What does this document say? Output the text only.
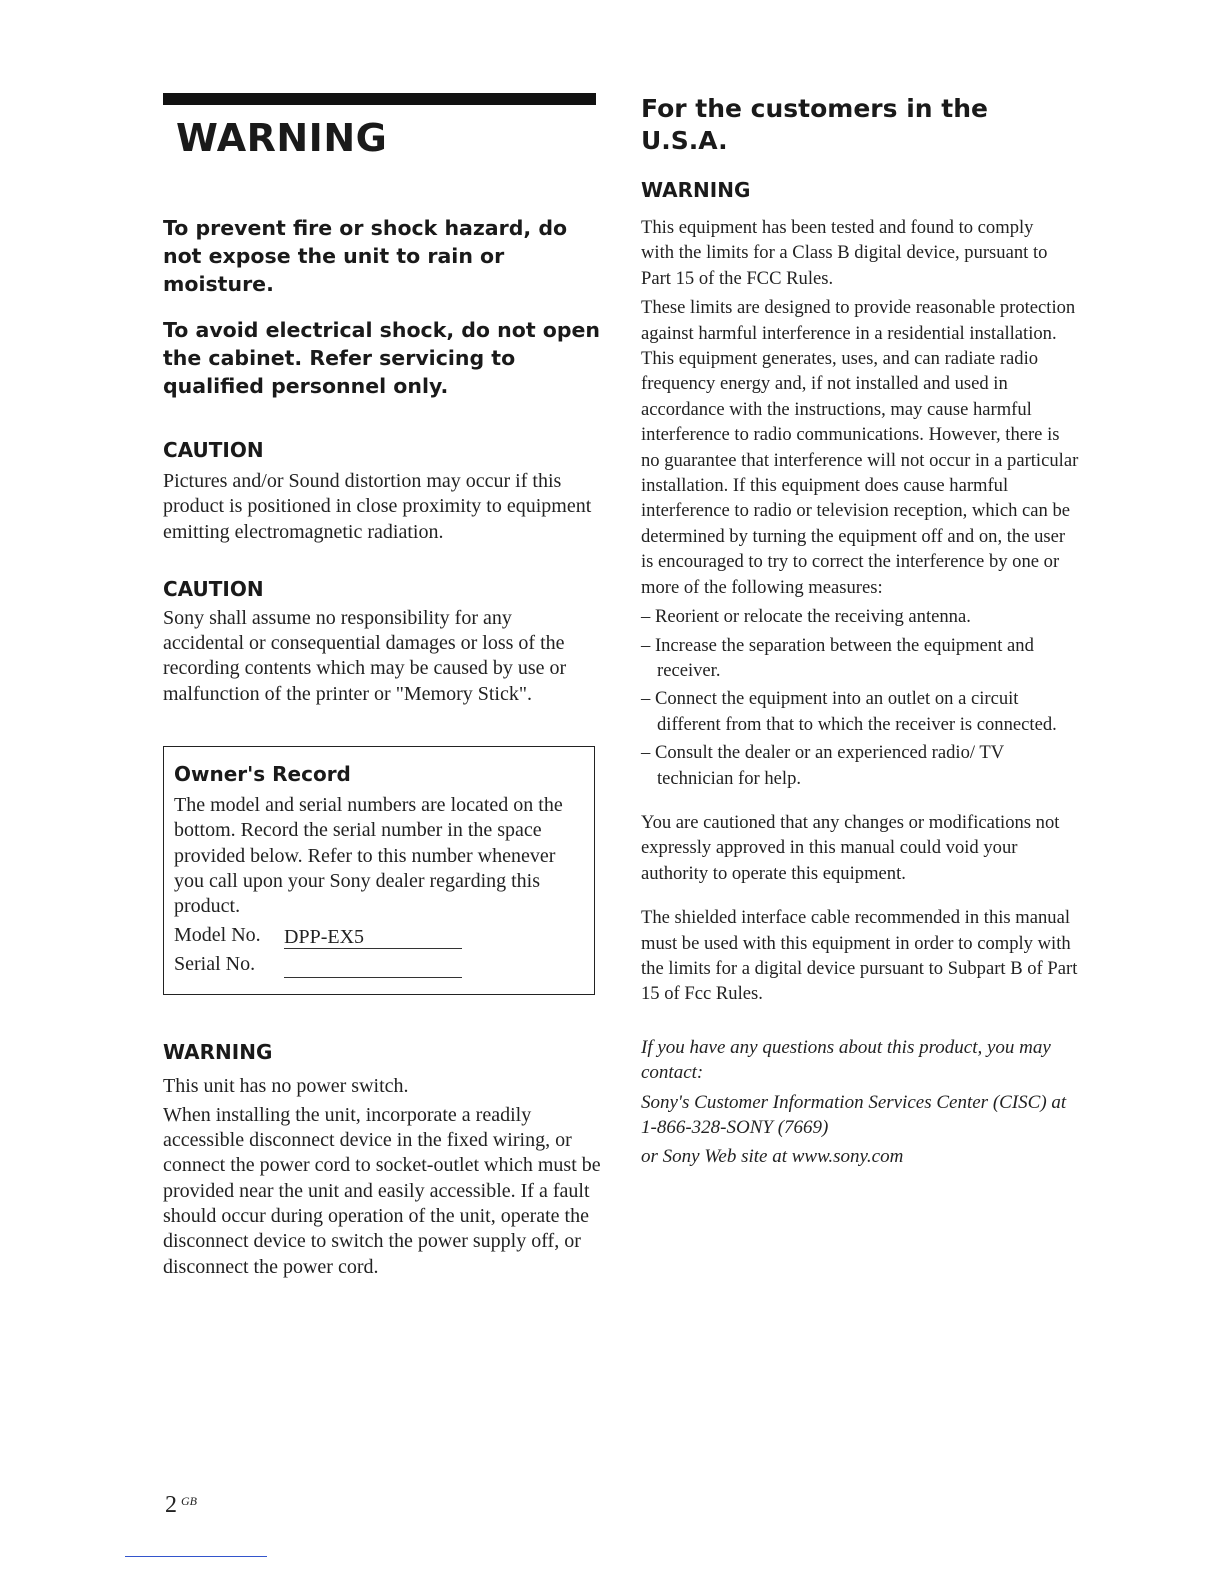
WARNING

To prevent fire or shock hazard, do not expose the unit to rain or moisture.

To avoid electrical shock, do not open the cabinet. Refer servicing to qualified personnel only.

CAUTION

Pictures and/or Sound distortion may occur if this product is positioned in close proximity to equipment emitting electromagnetic radiation.

CAUTION

Sony shall assume no responsibility for any accidental or consequential damages or loss of the recording contents which may be caused by use or malfunction of the printer or "Memory Stick".

Owner's Record

The model and serial numbers are located on the bottom. Record the serial number in the space provided below. Refer to this number whenever you call upon your Sony dealer regarding this product.

Model No.	DPP-EX5
Serial No.
WARNING

This unit has no power switch.

When installing the unit, incorporate a readily accessible disconnect device in the fixed wiring, or connect the power cord to socket-outlet which must be provided near the unit and easily accessible. If a fault should occur during operation of the unit, operate the disconnect device to switch the power supply off, or disconnect the power cord.

For the customers in the U.S.A.
WARNING

This equipment has been tested and found to comply with the limits for a Class B digital device, pursuant to Part 15 of the FCC Rules.

These limits are designed to provide reasonable protection against harmful interference in a residential installation. This equipment generates, uses, and can radiate radio frequency energy and, if not installed and used in accordance with the instructions, may cause harmful interference to radio communications. However, there is no guarantee that interference will not occur in a particular installation. If this equipment does cause harmful interference to radio or television reception, which can be determined by turning the equipment off and on, the user is encouraged to try to correct the interference by one or more of the following measures:

– Reorient or relocate the receiving antenna.
– Increase the separation between the equipment and receiver.
– Connect the equipment into an outlet on a circuit different from that to which the receiver is connected.
– Consult the dealer or an experienced radio/ TV technician for help.

You are cautioned that any changes or modifications not expressly approved in this manual could void your authority to operate this equipment.

The shielded interface cable recommended in this manual must be used with this equipment in order to comply with the limits for a digital device pursuant to Subpart B of Part 15 of Fcc Rules.

If you have any questions about this product, you may contact:

Sony's Customer Information Services Center (CISC) at 1-866-328-SONY (7669)

or Sony Web site at www.sony.com

2 $^{GB}$
